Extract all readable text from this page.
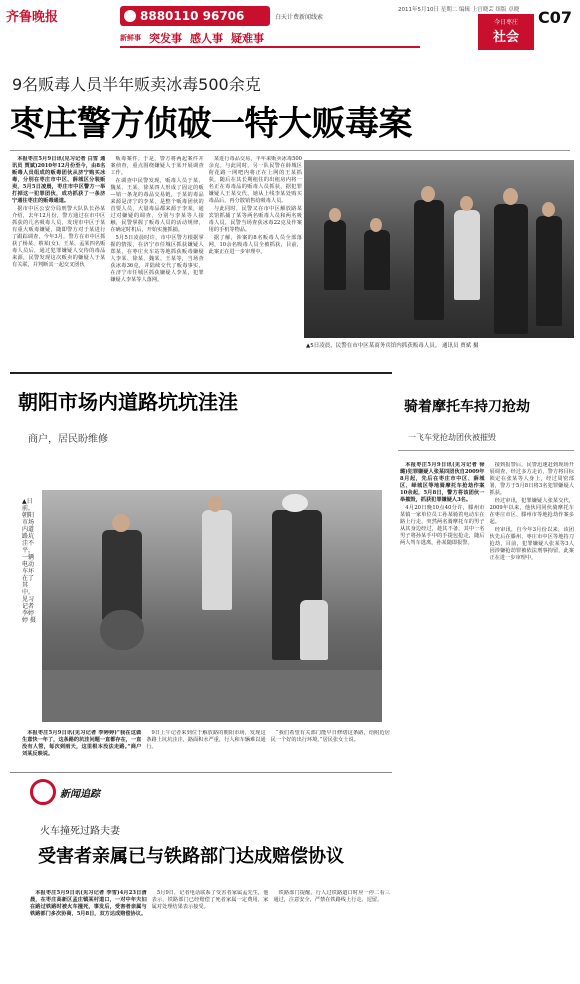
齐鲁晚报	8880110 96706	白天计费新闻线索
新鲜事 突发事 感人事 疑难事
2011年5月10日 星期二 编辑 上官晓芸 组版 卓晓
今日枣庄
社会
C07
9名贩毒人员半年贩卖冰毒500余克
枣庄警方侦破一特大贩毒案

本报枣庄5月9日讯(见习记者 白雪 通讯员 贾斌)2010年12月份至今，由8名贩毒人员组成的贩毒团伙从济宁购买冰毒，分别在枣庄市中区、薛城区分装贩卖，5月5日凌晨，枣庄市中区警方一举打掉这一犯罪团伙，成功抓获了一条济宁通往枣庄的贩毒通道。

据市中区公安分局刑警大队队长孙某介绍，去年12月份，警方通过在市中区抓获的几名吸毒人员，发现市中区于某有重大贩毒嫌疑，随即警方对于某进行了跟踪调查，今年3月，警方在市中区抓获了杨某、蔡某(女)、王某、孟某四名贩毒人员后，通过犯罪嫌疑人交待的毒品来源，民警发现这次贩卖的嫌疑人于某有关联，并判断其一起交叉团伙

贩毒案件。于是，警方将两起案件并案侦查，重点围绕嫌疑人于某开展调查工作。

在调查中民警发现，贩毒人员于某、魏某、王某、徐某四人形成了固定的贩—销一条龙的毒品交易链，于某的毒品来源是济宁的李某，是整个贩毒团伙的首要人员，大量毒品都来源于李某，通过对嫌疑的调查，分别与李某等人接触，民警掌握了贩毒人员的活动规律，在确定时机后，开始实施抓捕。

5月5日凌晨时许，市中区警方根据掌握的情报，在济宁市任城区抓获嫌疑人郑某，在枣庄火车站等地抓获贩毒嫌疑人李某、徐某、魏某、王某等，当场查获冰毒36克，并陆续交代了贩毒事实，在济宁市任城区抓获嫌疑人李某，犯罪嫌疑人李某等人落网。

某进行毒品交易，半年来贩卖冰毒500余克。与此同时，另一队民警在薛城区荷花路一网吧内将正在上网的王某抓获，随后在其长期租住的出租房内将一名正在毒毒品的贩毒人员抓获，据犯罪嫌疑人王某交代，她从上线李某处购买毒品后，再分散销售给吸毒人员。

与此同时，民警又在市中区解放路某宾馆抓捕了某等两名贩毒人员和两名吸毒人员，民警当场查获冰毒22克及作案用的手机等物品。

据了解，涉案的8名贩毒人员全部落网，10余名吸毒人员全被抓获，目前，此案正在进一步审理中。

▲5日凌晨，民警在市中区某商务宾馆内抓获贩毒人员。 通讯员 贾斌 摄
朝阳市场内道路坑坑洼洼
商户，居民盼维修
▲日前，朝阳市场内道路坑洼不平，一辆电动车坏在了其中。 见习记者 李婷婷 摄

本报枣庄5月9日讯(见习记者 李婷婷)“我在这做生意快一年了，这条路的坑洼问题一直都存在，一直没有人管，每次到雨天，这里根本没法走路。”商户刘某反映说。

9日上午记者来到位于解放路的朝阳市场，发现这条路上坑坑洼洼，路面积水严重，行人和车辆难以通行。

“我们希望有关部门能早日修缮这条路，给附近居民一个好的出行环境。”居民张女士说。

骑着摩托车持刀抢劫
一飞车党抢劫团伙被摧毁

本报枣庄5月9日讯(见习记者 徐璐)犯罪嫌疑人张某四团伙自2009年8月起，先后在枣庄市中区、薛城区、峄城区等地骑摩托车抢劫作案10余起，5月8日，警方将该团伙一举摧毁，抓获犯罪嫌疑人3名。

4月20日晚10点40分许，滕州市某镇一家单位员工孙某骑着电动车在路上行走，突然两名骑摩托车的男子从其身边经过，趁其不备，其中一名男子将孙某手中的手提包抢走，随后两人驾车逃离，孙某随即报警。

接到报警后，民警迅速赶到现场开展调查，经过多方走访，警方将目标锁定在张某等人身上，经过周密部署，警方于5月8日将3名犯罪嫌疑人抓获。

经过审讯，犯罪嫌疑人张某交代，2009年以来，他伙同同伙骑摩托车在枣庄市区、滕州市等地抢劫作案多起。

经审讯，自今年3月份以来，该团伙先后在滕州、枣庄市中区等地持刀抢劫，目前，犯罪嫌疑人张某等3人因涉嫌抢劫罪被依法刑事拘留，此案正在进一步审理中。

新闻追踪
火车撞死过路夫妻
受害者亲属已与铁路部门达成赔偿协议

本报枣庄5月9日讯(见习记者 李雪)4月23日清晨，在枣庄高新区孟庄镇某村道口，一对中年夫妇在路过铁路时被火车撞死，事发后，受害者亲属与铁路部门多次协商，5月8日，双方达成赔偿协议。

5月9日，记者电话联系了受害者家属孟先生，他表示，铁路部门已经赔偿了死者家属一定费用，家属对处理结果表示接受。

铁路部门提醒，行人过铁路道口时应一停二看三通过，注意安全，严禁在铁路线上行走、逗留。
